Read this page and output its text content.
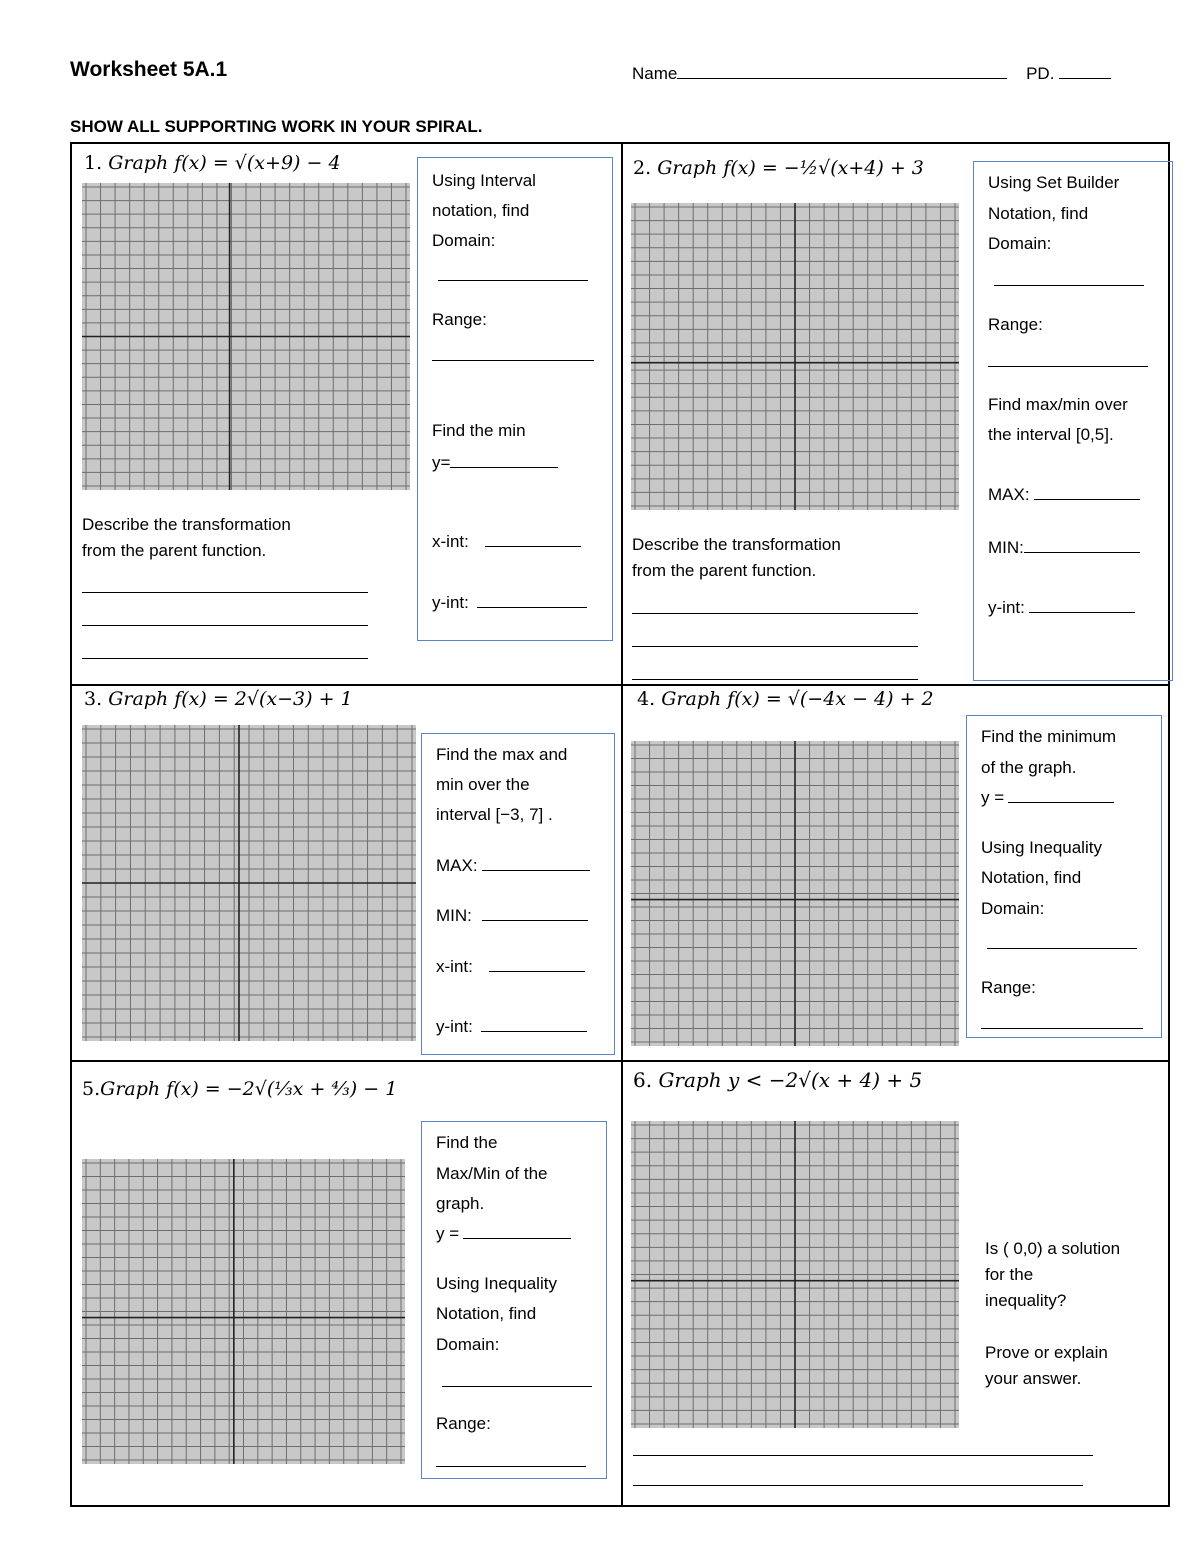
Worksheet 5A.1	Name	PD.
SHOW ALL SUPPORTING WORK IN YOUR SPIRAL.
1. Graph f(x) = √(x+9) − 4
Using Interval
notation, find
Domain:
Range:
Find the min
y=
x-int:
y-int:
Describe the transformation
from the parent function.
2. Graph f(x) = −½√(x+4) + 3
Using Set Builder
Notation, find
Domain:
Range:
Find max/min over
the interval [0,5].
MAX:
MIN:
y-int:
Describe the transformation
from the parent function.
3. Graph f(x) = 2√(x−3) + 1
Find the max and
min over the
interval [−3, 7] .
MAX:
MIN:
x-int:
y-int:
4. Graph f(x) = √(−4x − 4) + 2
Find the minimum
of the graph.
y =
Using Inequality
Notation, find
Domain:
Range:
5.Graph f(x) = −2√(⅓x + ⁴⁄₃) − 1
Find the
Max/Min of the
graph.
y =
Using Inequality
Notation, find
Domain:
Range:
6. Graph y < −2√(x + 4) + 5
Is ( 0,0) a solution
for the
inequality?
Prove or explain
your answer.
